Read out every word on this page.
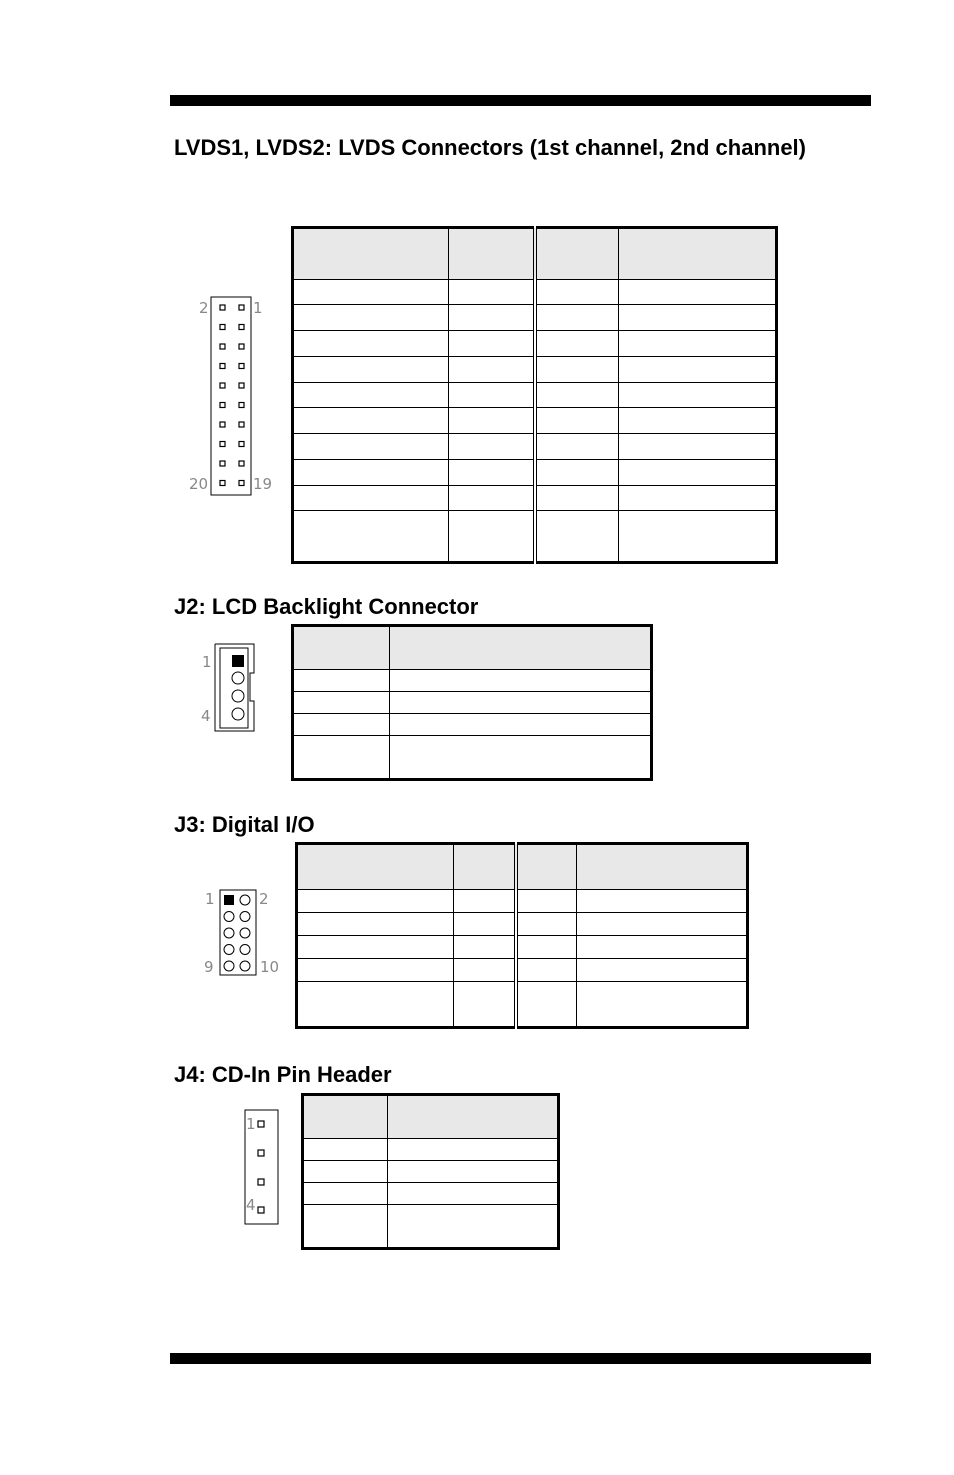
LVDS1, LVDS2: LVDS Connectors (1st channel, 2nd channel)
2	1
20	19

J2: LCD Backlight Connector
1
4

J3: Digital I/O
1	2
9	10

J4: CD-In Pin Header
1
4
